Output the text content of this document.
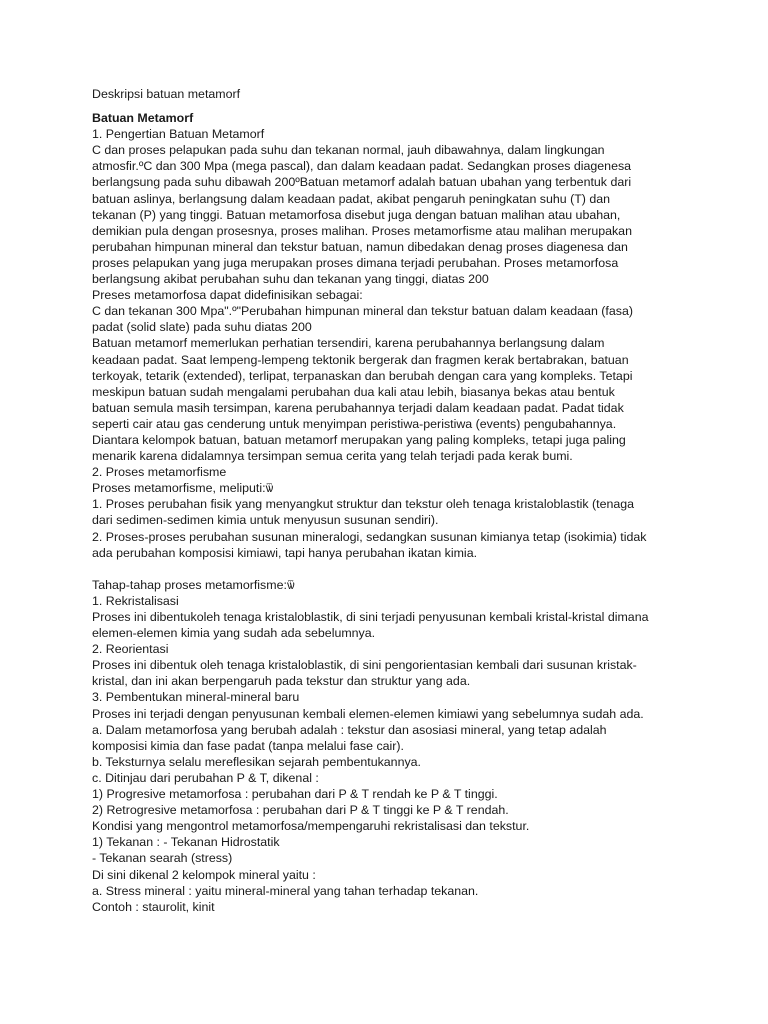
Deskripsi batuan metamorf
Batuan Metamorf
1. Pengertian Batuan Metamorf
C dan proses pelapukan pada suhu dan tekanan normal, jauh dibawahnya, dalam lingkungan
atmosfir.ºC dan 300 Mpa (mega pascal), dan dalam keadaan padat. Sedangkan proses diagenesa
berlangsung pada suhu dibawah 200ºBatuan metamorf adalah batuan ubahan yang terbentuk dari
batuan aslinya, berlangsung dalam keadaan padat, akibat pengaruh peningkatan suhu (T) dan
tekanan (P) yang tinggi. Batuan metamorfosa disebut juga dengan batuan malihan atau ubahan,
demikian pula dengan prosesnya, proses malihan. Proses metamorfisme atau malihan merupakan
perubahan himpunan mineral dan tekstur batuan, namun dibedakan denag proses diagenesa dan
proses pelapukan yang juga merupakan proses dimana terjadi perubahan. Proses metamorfosa
berlangsung akibat perubahan suhu dan tekanan yang tinggi, diatas 200
Preses metamorfosa dapat didefinisikan sebagai:
C dan tekanan 300 Mpa".º"Perubahan himpunan mineral dan tekstur batuan dalam keadaan (fasa)
padat (solid slate) pada suhu diatas 200
Batuan metamorf memerlukan perhatian tersendiri, karena perubahannya berlangsung dalam
keadaan padat. Saat lempeng-lempeng tektonik bergerak dan fragmen kerak bertabrakan, batuan
terkoyak, tetarik (extended), terlipat, terpanaskan dan berubah dengan cara yang kompleks. Tetapi
meskipun batuan sudah mengalami perubahan dua kali atau lebih, biasanya bekas atau bentuk
batuan semula masih tersimpan, karena perubahannya terjadi dalam keadaan padat. Padat tidak
seperti cair atau gas cenderung untuk menyimpan peristiwa-peristiwa (events) pengubahannya.
Diantara kelompok batuan, batuan metamorf merupakan yang paling kompleks, tetapi juga paling
menarik karena didalamnya tersimpan semua cerita yang telah terjadi pada kerak bumi.
2. Proses metamorfisme
Proses metamorfisme, meliputi:ѿ
1. Proses perubahan fisik yang menyangkut struktur dan tekstur oleh tenaga kristaloblastik (tenaga
dari sedimen-sedimen kimia untuk menyusun susunan sendiri).
2. Proses-proses perubahan susunan mineralogi, sedangkan susunan kimianya tetap (isokimia) tidak
ada perubahan komposisi kimiawi, tapi hanya perubahan ikatan kimia.
Tahap-tahap proses metamorfisme:ѿ
1. Rekristalisasi
Proses ini dibentukoleh tenaga kristaloblastik, di sini terjadi penyusunan kembali kristal-kristal dimana
elemen-elemen kimia yang sudah ada sebelumnya.
2. Reorientasi
Proses ini dibentuk oleh tenaga kristaloblastik, di sini pengorientasian kembali dari susunan kristak-
kristal, dan ini akan berpengaruh pada tekstur dan struktur yang ada.
3. Pembentukan mineral-mineral baru
Proses ini terjadi dengan penyusunan kembali elemen-elemen kimiawi yang sebelumnya sudah ada.
a. Dalam metamorfosa yang berubah adalah : tekstur dan asosiasi mineral, yang tetap adalah
komposisi kimia dan fase padat (tanpa melalui fase cair).
b. Teksturnya selalu mereflesikan sejarah pembentukannya.
c. Ditinjau dari perubahan P & T, dikenal :
1) Progresive metamorfosa : perubahan dari P & T rendah ke P & T tinggi.
2) Retrogresive metamorfosa : perubahan dari P & T tinggi ke P & T rendah.
Kondisi yang mengontrol metamorfosa/mempengaruhi rekristalisasi dan tekstur.
1) Tekanan : - Tekanan Hidrostatik
- Tekanan searah (stress)
Di sini dikenal 2 kelompok mineral yaitu :
a. Stress mineral : yaitu mineral-mineral yang tahan terhadap tekanan.
Contoh : staurolit, kinit
